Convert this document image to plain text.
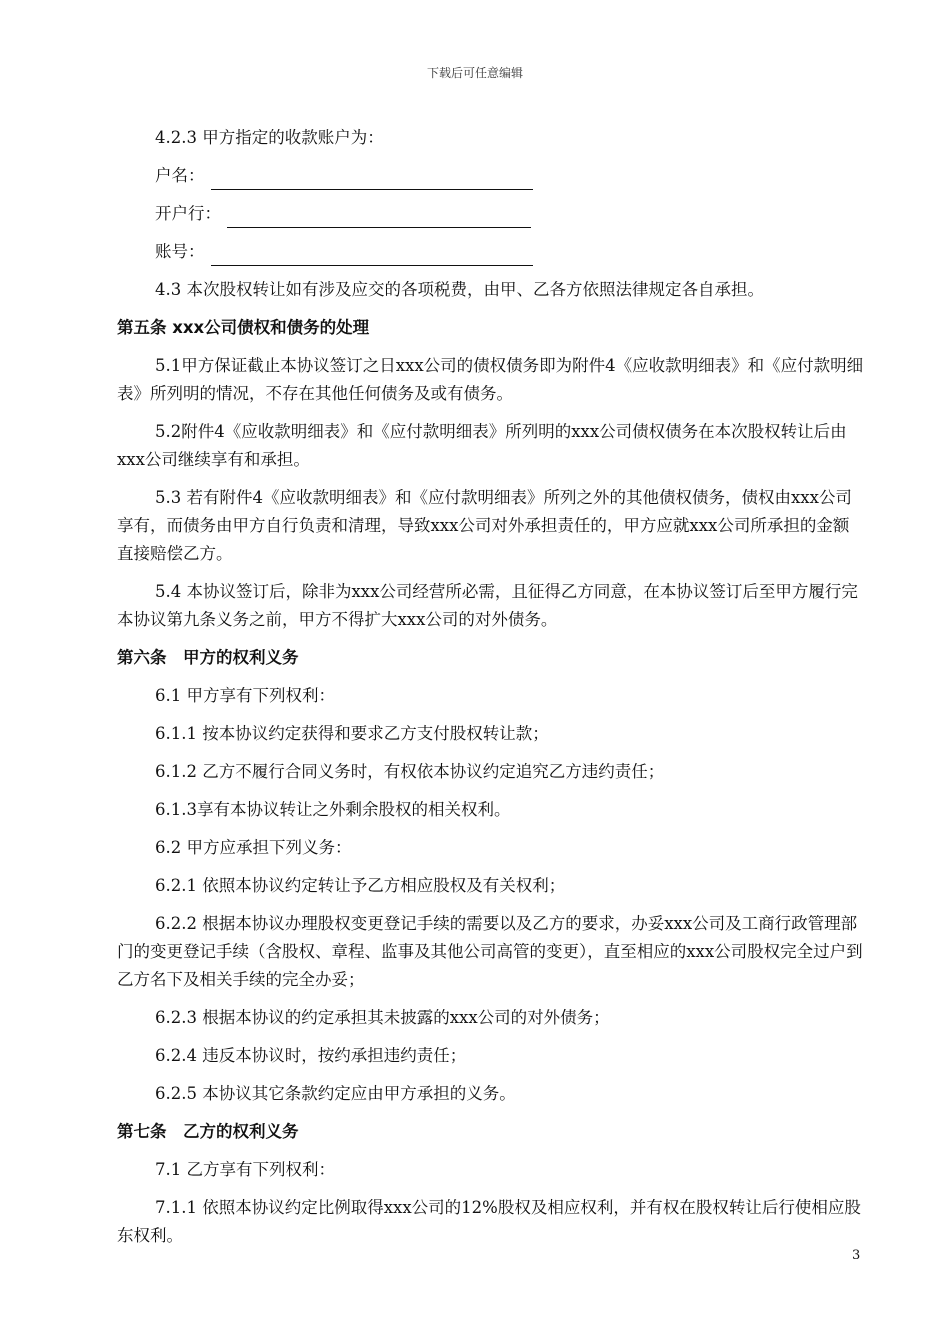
下载后可任意编辑

4.2.3 甲方指定的收款账户为：

户名：

开户行：

账号：

4.3 本次股权转让如有涉及应交的各项税费，由甲、乙各方依照法律规定各自承担。

第五条 xxx公司债权和债务的处理

5.1甲方保证截止本协议签订之日xxx公司的债权债务即为附件4《应收款明细表》和《应付款明细表》所列明的情况，不存在其他任何债务及或有债务。

5.2附件4《应收款明细表》和《应付款明细表》所列明的xxx公司债权债务在本次股权转让后由xxx公司继续享有和承担。

5.3 若有附件4《应收款明细表》和《应付款明细表》所列之外的其他债权债务，债权由xxx公司享有，而债务由甲方自行负责和清理，导致xxx公司对外承担责任的，甲方应就xxx公司所承担的金额直接赔偿乙方。

5.4 本协议签订后，除非为xxx公司经营所必需，且征得乙方同意，在本协议签订后至甲方履行完本协议第九条义务之前，甲方不得扩大xxx公司的对外债务。

第六条　甲方的权利义务

6.1 甲方享有下列权利：

6.1.1 按本协议约定获得和要求乙方支付股权转让款；

6.1.2 乙方不履行合同义务时，有权依本协议约定追究乙方违约责任；

6.1.3享有本协议转让之外剩余股权的相关权利。

6.2 甲方应承担下列义务：

6.2.1 依照本协议约定转让予乙方相应股权及有关权利；

6.2.2 根据本协议办理股权变更登记手续的需要以及乙方的要求，办妥xxx公司及工商行政管理部门的变更登记手续（含股权、章程、监事及其他公司高管的变更），直至相应的xxx公司股权完全过户到乙方名下及相关手续的完全办妥；

6.2.3 根据本协议的约定承担其未披露的xxx公司的对外债务；

6.2.4 违反本协议时，按约承担违约责任；

6.2.5 本协议其它条款约定应由甲方承担的义务。

第七条　乙方的权利义务

7.1 乙方享有下列权利：

7.1.1 依照本协议约定比例取得xxx公司的12%股权及相应权利，并有权在股权转让后行使相应股东权利。

3
